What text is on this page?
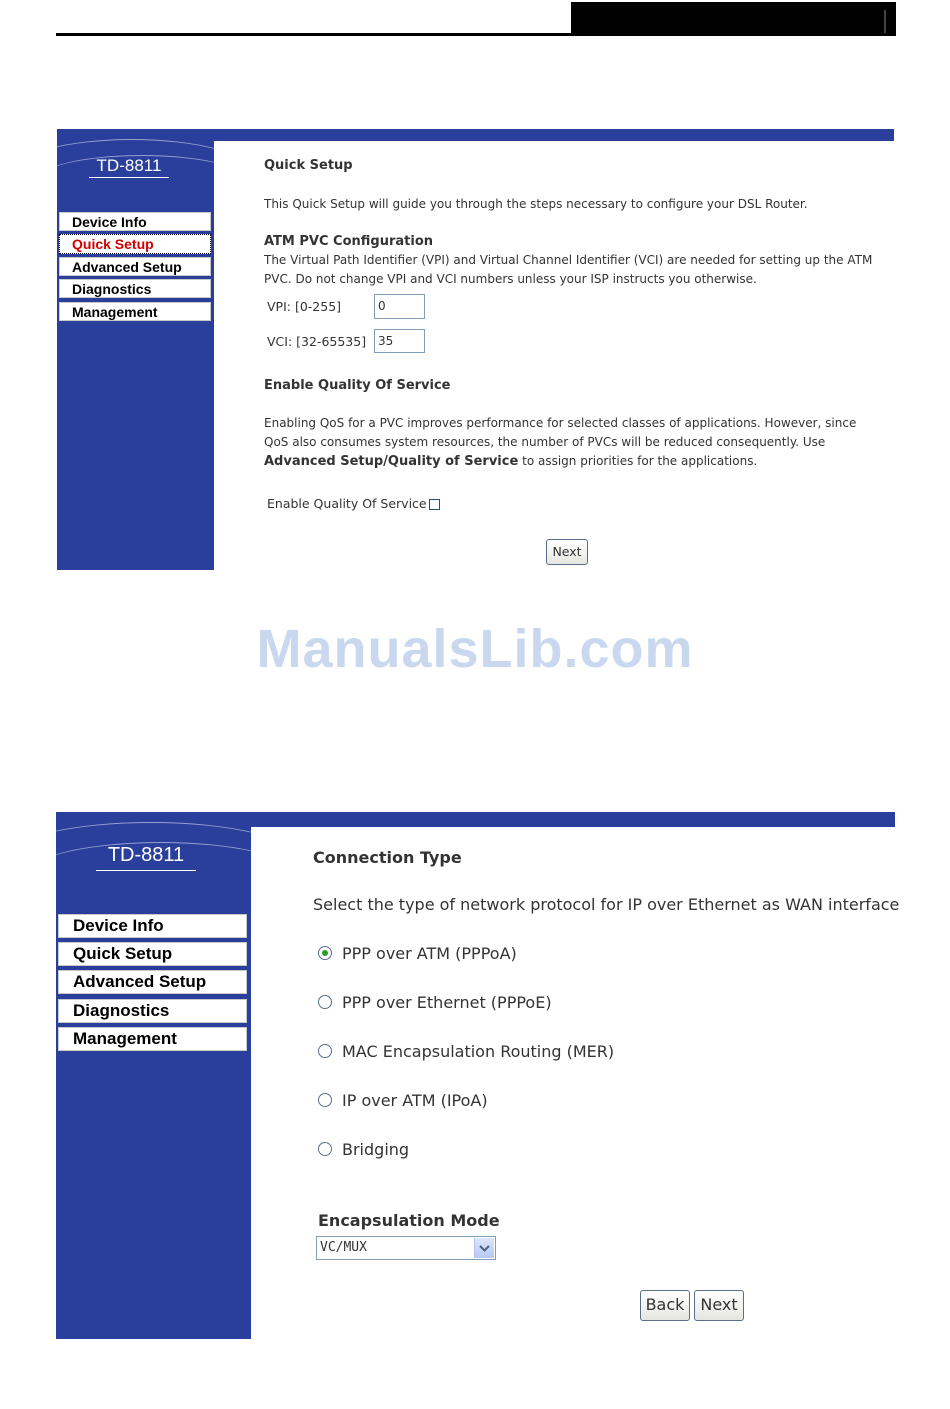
TD-8811
Device Info
Quick Setup
Advanced Setup
Diagnostics
Management
Quick Setup
This Quick Setup will guide you through the steps necessary to configure your DSL Router.
ATM PVC Configuration
The Virtual Path Identifier (VPI) and Virtual Channel Identifier (VCI) are needed for setting up the ATM
PVC. Do not change VPI and VCI numbers unless your ISP instructs you otherwise.
VPI: [0-255]	0
VCI: [32-65535] 35
Enable Quality Of Service
Enabling QoS for a PVC improves performance for selected classes of applications. However, since
QoS also consumes system resources, the number of PVCs will be reduced consequently. Use
Advanced Setup/Quality of Service to assign priorities for the applications.
Enable Quality Of Service
Next
ManualsLib.com
TD-8811
Device Info
Quick Setup
Advanced Setup
Diagnostics
Management
Connection Type
Select the type of network protocol for IP over Ethernet as WAN interface
PPP over ATM (PPPoA)
PPP over Ethernet (PPPoE)
MAC Encapsulation Routing (MER)
IP over ATM (IPoA)
Bridging
Encapsulation Mode
VC/MUX
Back Next
